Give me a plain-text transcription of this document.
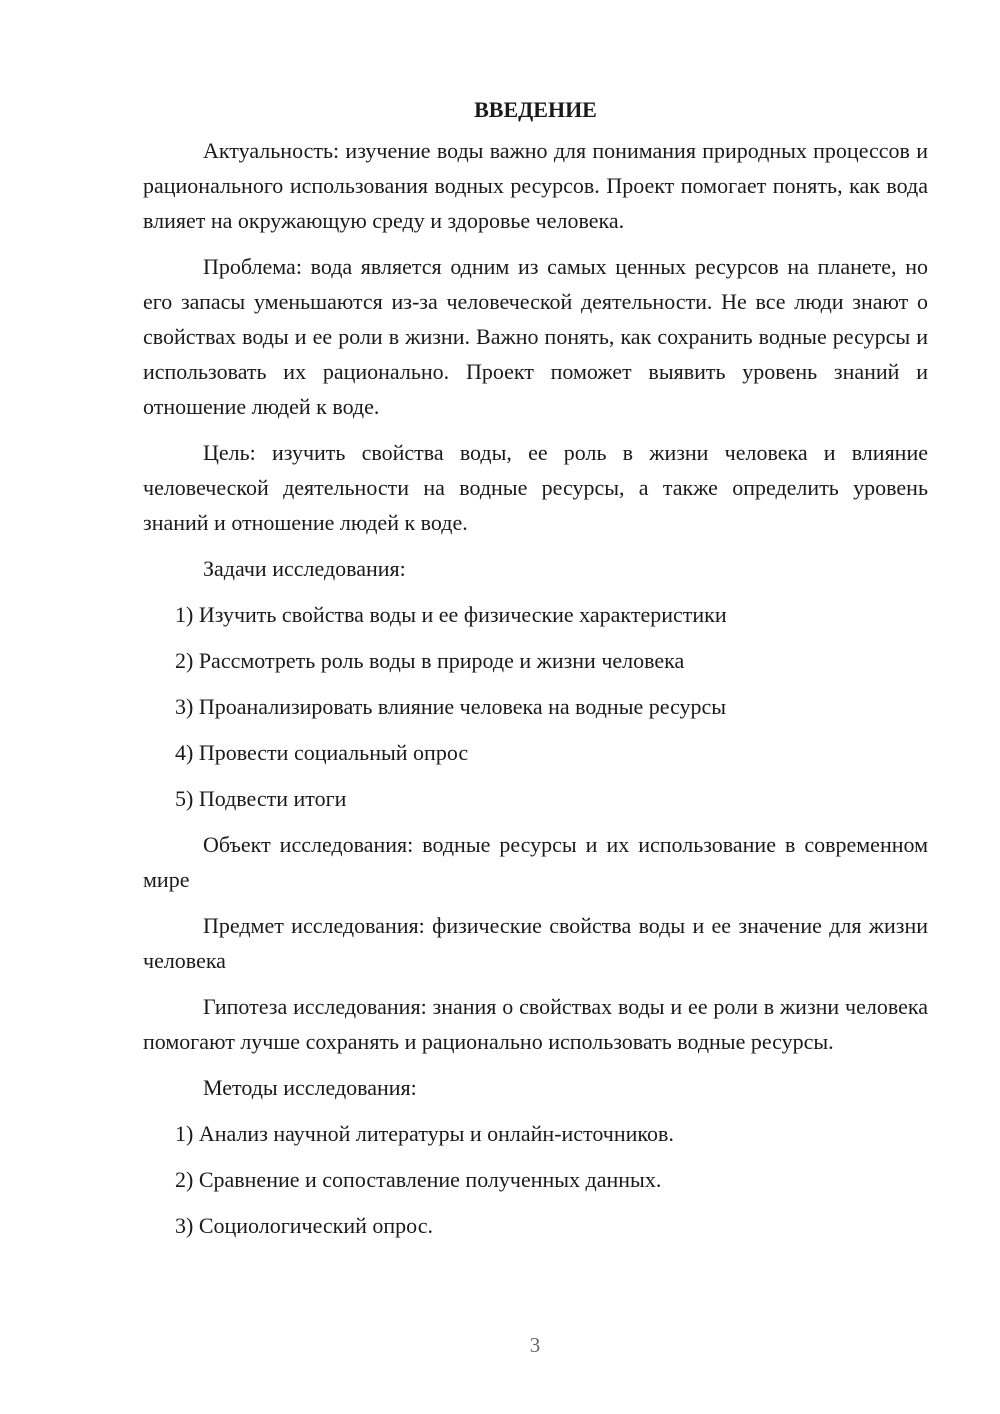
ВВЕДЕНИЕ

Актуальность: изучение воды важно для понимания природных процессов и рационального использования водных ресурсов. Проект помогает понять, как вода влияет на окружающую среду и здоровье человека.

Проблема: вода является одним из самых ценных ресурсов на планете, но его запасы уменьшаются из-за человеческой деятельности. Не все люди знают о свойствах воды и ее роли в жизни. Важно понять, как сохранить водные ресурсы и использовать их рационально. Проект поможет выявить уровень знаний и отношение людей к воде.

Цель: изучить свойства воды, ее роль в жизни человека и влияние человеческой деятельности на водные ресурсы, а также определить уровень знаний и отношение людей к воде.

Задачи исследования:

1) Изучить свойства воды и ее физические характеристики

2) Рассмотреть роль воды в природе и жизни человека

3) Проанализировать влияние человека на водные ресурсы

4) Провести социальный опрос

5) Подвести итоги

Объект исследования: водные ресурсы и их использование в современном мире

Предмет исследования: физические свойства воды и ее значение для жизни человека

Гипотеза исследования: знания о свойствах воды и ее роли в жизни человека помогают лучше сохранять и рационально использовать водные ресурсы.

Методы исследования:

1) Анализ научной литературы и онлайн-источников.

2) Сравнение и сопоставление полученных данных.

3) Социологический опрос.

3
